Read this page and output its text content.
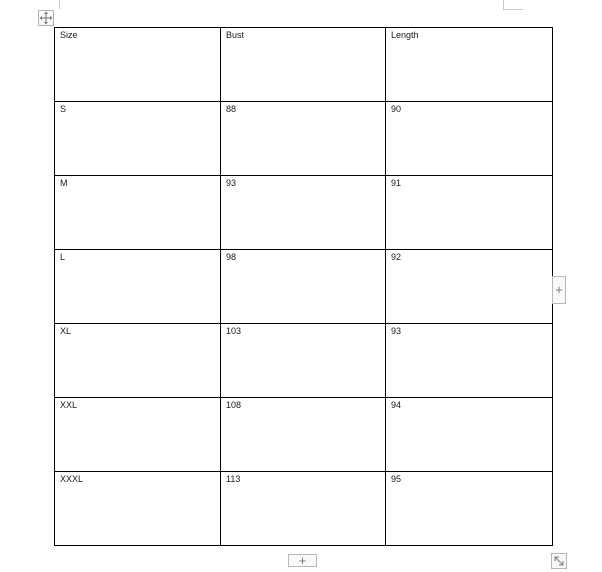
Size	Bust	Length
S	88	90
M	93	91
L	98	92
XL	103	93
XXL	108	94
XXXL	113	95
+
+
